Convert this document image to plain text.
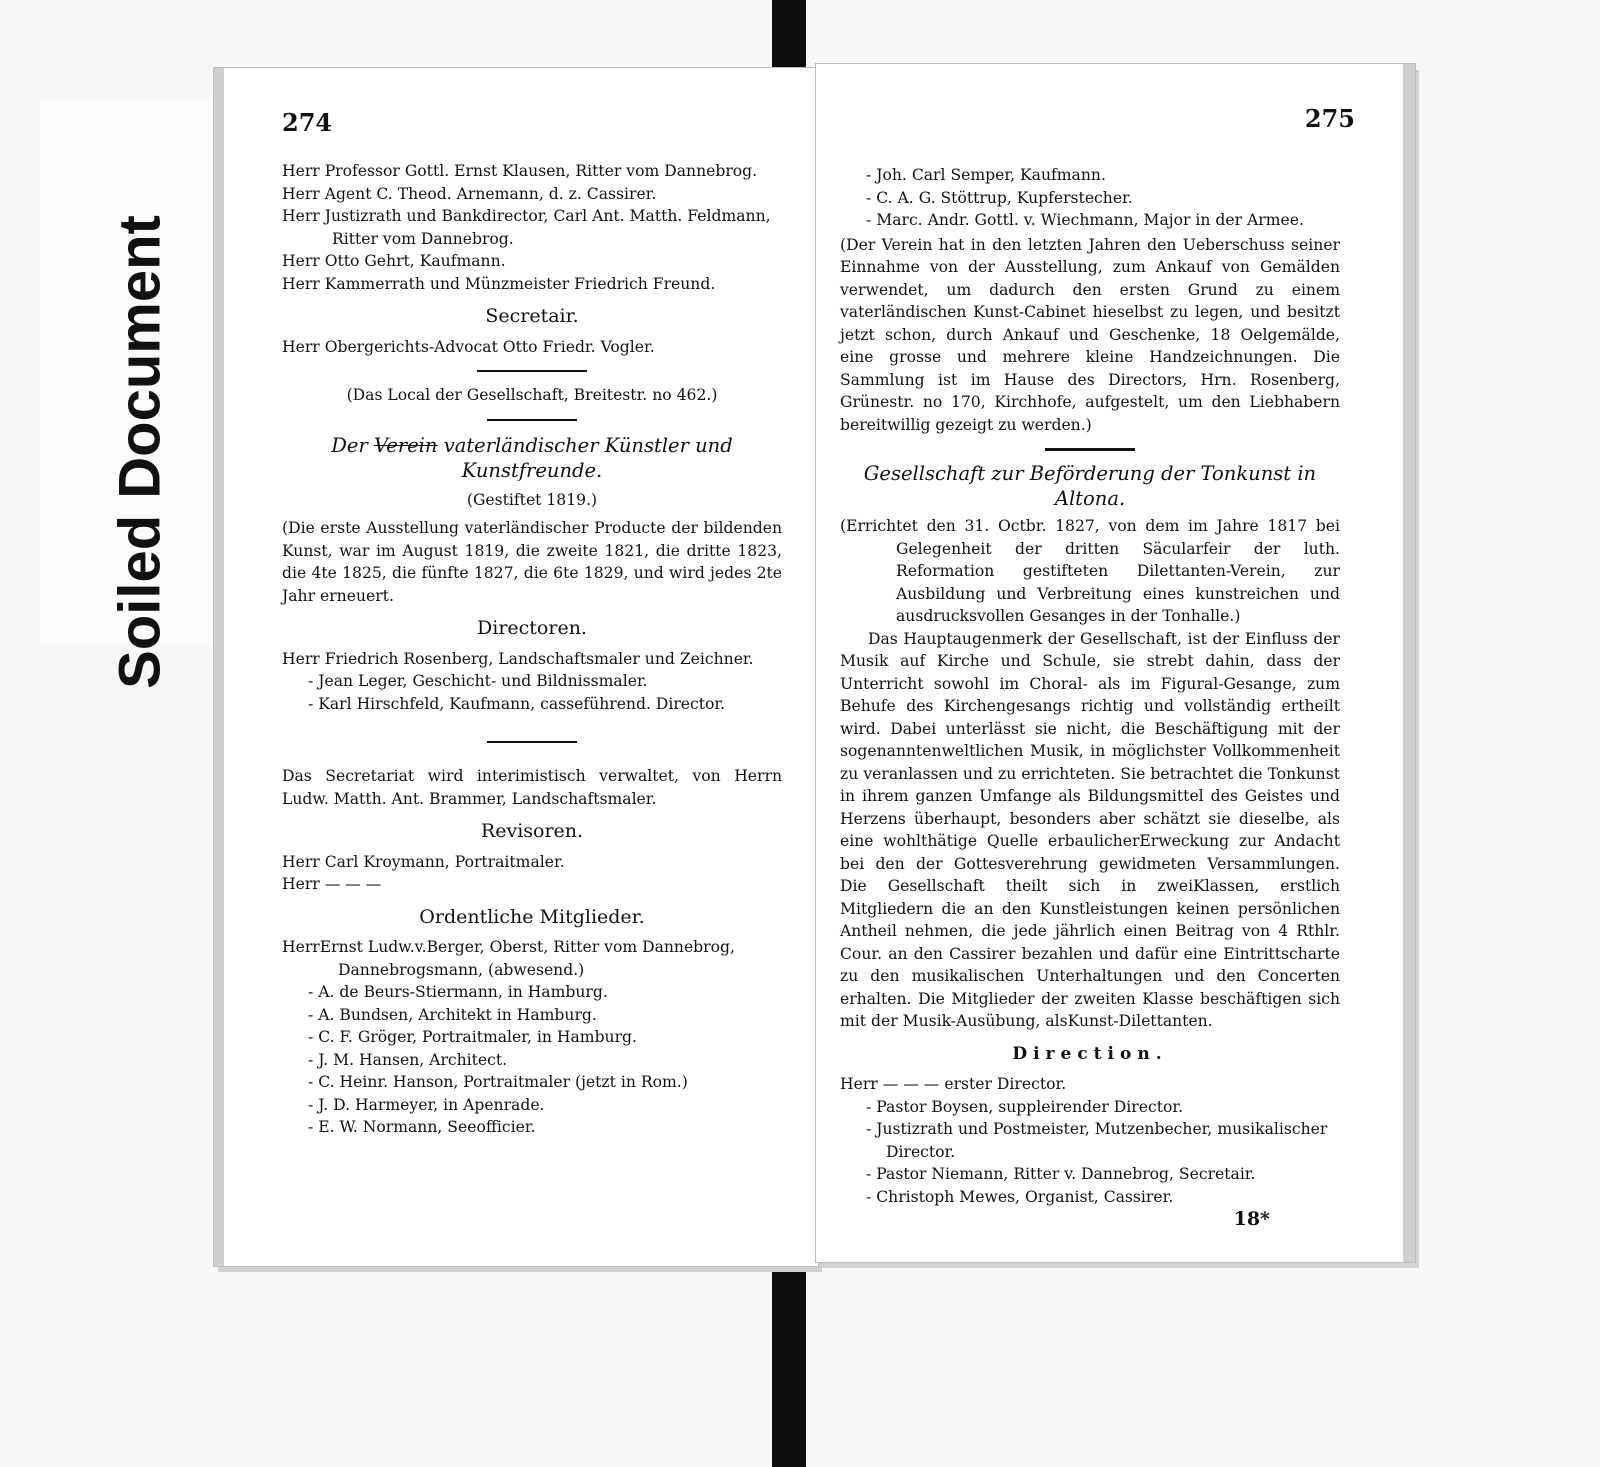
Soiled Document
274

Herr Professor Gottl. Ernst Klausen, Ritter vom Dannebrog.

Herr Agent C. Theod. Arnemann, d. z. Cassirer.

Herr Justizrath und Bankdirector, Carl Ant. Matth. Feldmann, Ritter vom Dannebrog.

Herr Otto Gehrt, Kaufmann.

Herr Kammerrath und Münzmeister Friedrich Freund.

Secretair.

Herr Obergerichts-Advocat Otto Friedr. Vogler.

(Das Local der Gesellschaft, Breitestr. no 462.)

Der Verein vaterländischer Künstler und Kunstfreunde.

(Gestiftet 1819.)

(Die erste Ausstellung vaterländischer Producte der bildenden Kunst, war im August 1819, die zweite 1821, die dritte 1823, die 4te 1825, die fünfte 1827, die 6te 1829, und wird jedes 2te Jahr erneuert.

Directoren.

Herr Friedrich Rosenberg, Landschaftsmaler und Zeichner.

- Jean Leger, Geschicht- und Bildnissmaler.

- Karl Hirschfeld, Kaufmann, casseführend. Director.

Das Secretariat wird interimistisch verwaltet, von Herrn Ludw. Matth. Ant. Brammer, Landschaftsmaler.

Revisoren.

Herr Carl Kroymann, Portraitmaler.

Herr — — —

Ordentliche Mitglieder.

HerrErnst Ludw.v.Berger, Oberst, Ritter vom Dannebrog, Dannebrogsmann, (abwesend.)

- A. de Beurs-Stiermann, in Hamburg.

- A. Bundsen, Architekt in Hamburg.

- C. F. Gröger, Portraitmaler, in Hamburg.

- J. M. Hansen, Architect.

- C. Heinr. Hanson, Portraitmaler (jetzt in Rom.)

- J. D. Harmeyer, in Apenrade.

- E. W. Normann, Seeofficier.

275

- Joh. Carl Semper, Kaufmann.

- C. A. G. Stöttrup, Kupferstecher.

- Marc. Andr. Gottl. v. Wiechmann, Major in der Armee.

(Der Verein hat in den letzten Jahren den Ueberschuss seiner Einnahme von der Ausstellung, zum Ankauf von Gemälden verwendet, um dadurch den ersten Grund zu einem vaterländischen Kunst-Cabinet hieselbst zu legen, und besitzt jetzt schon, durch Ankauf und Geschenke, 18 Oelgemälde, eine grosse und mehrere kleine Handzeichnungen. Die Sammlung ist im Hause des Directors, Hrn. Rosenberg, Grünestr. no 170, Kirchhofe, aufgestelt, um den Liebhabern bereitwillig gezeigt zu werden.)

Gesellschaft zur Beförderung der Tonkunst in Altona.

(Errichtet den 31. Octbr. 1827, von dem im Jahre 1817 bei Gelegenheit der dritten Säcularfeir der luth. Reformation gestifteten Dilettanten-Verein, zur Ausbildung und Verbreitung eines kunstreichen und ausdrucksvollen Gesanges in der Tonhalle.)

Das Hauptaugenmerk der Gesellschaft, ist der Einfluss der Musik auf Kirche und Schule, sie strebt dahin, dass der Unterricht sowohl im Choral- als im Figural-Gesange, zum Behufe des Kirchengesangs richtig und vollständig ertheilt wird. Dabei unterlässt sie nicht, die Beschäftigung mit der sogenanntenweltlichen Musik, in möglichster Vollkommenheit zu veranlassen und zu errichteten. Sie betrachtet die Tonkunst in ihrem ganzen Umfange als Bildungsmittel des Geistes und Herzens überhaupt, besonders aber schätzt sie dieselbe, als eine wohlthätige Quelle erbaulicherErweckung zur Andacht bei den der Gottesverehrung gewidmeten Versammlungen. Die Gesellschaft theilt sich in zweiKlassen, erstlich Mitgliedern die an den Kunstleistungen keinen persönlichen Antheil nehmen, die jede jährlich einen Beitrag von 4 Rthlr. Cour. an den Cassirer bezahlen und dafür eine Eintrittscharte zu den musikalischen Unterhaltungen und den Concerten erhalten. Die Mitglieder der zweiten Klasse beschäftigen sich mit der Musik-Ausübung, alsKunst-Dilettanten.

Direction.

Herr — — — erster Director.

- Pastor Boysen, suppleirender Director.

- Justizrath und Postmeister, Mutzenbecher, musikalischer Director.

- Pastor Niemann, Ritter v. Dannebrog, Secretair.

- Christoph Mewes, Organist, Cassirer.

18*
